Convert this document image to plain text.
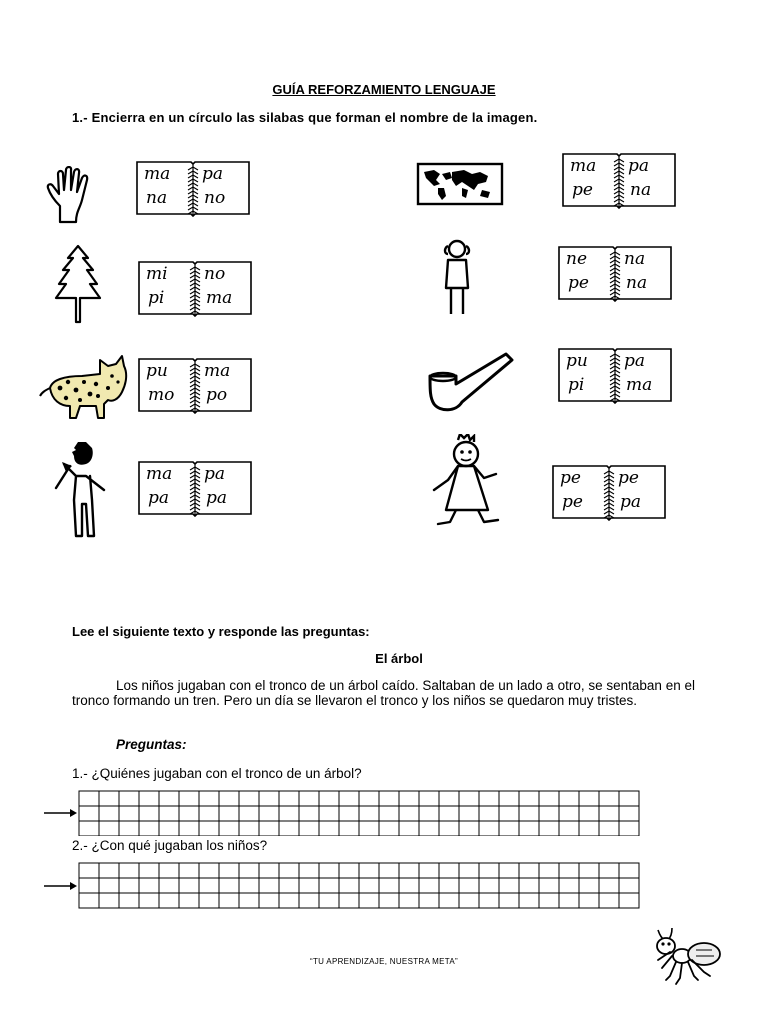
GUÍA REFORZAMIENTO LENGUAJE
1.- Encierra en un círculo las silabas que forman el nombre de la imagen.
ma pa
na no
mi no
pi ma
pu ma
mo po
ma pa
pa pa
ma pa
pe na
ne na
pe na
pu pa
pi ma
pe pe
pe pa
Lee el siguiente texto y responde las preguntas:
El árbol
Los niños jugaban con el tronco de un árbol caído. Saltaban de un lado a otro, se sentaban en el tronco formando un tren. Pero un día se llevaron el tronco y los niños se quedaron muy tristes.
Preguntas:
1.- ¿Quiénes jugaban con el tronco de un árbol?
2.- ¿Con qué jugaban los niños?
“TU APRENDIZAJE, NUESTRA META”
